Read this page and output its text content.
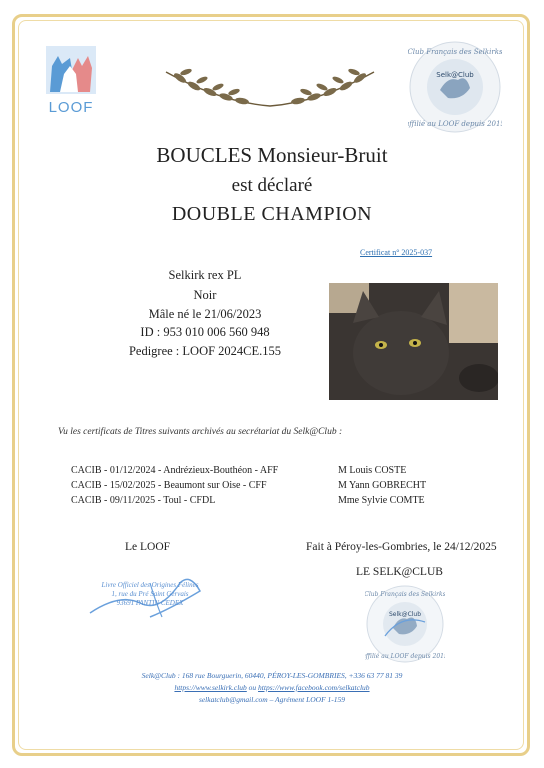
LOOF
Club Français des Selkirks
affilié au LOOF depuis 2015
Selk@Club
BOUCLES Monsieur-Bruit
est déclaré
DOUBLE CHAMPION
Certificat n° 2025-037
Selkirk rex PL
Noir
Mâle né le 21/06/2023
ID : 953 010 006 560 948
Pedigree : LOOF 2024CE.155
Vu les certificats de Titres suivants archivés au secrétariat du Selk@Club :
CACIB - 01/12/2024 - Andrézieux-Bouthéon - AFF
CACIB - 15/02/2025 - Beaumont sur Oise - CFF
CACIB - 09/11/2025 - Toul - CFDL
M Louis COSTE
M Yann GOBRECHT
Mme Sylvie COMTE
Le LOOF	Fait à Péroy-les-Gombries, le 24/12/2025
LE SELK@CLUB
Livre Officiel des Origines Félines
1, rue du Pré Saint Gervais
93691 PANTIN CEDEX
Club Français des Selkirks
affilié au LOOF depuis 2015
Selk@Club
Selk@Club : 168 rue Bourguerin, 60440, PÉROY-LES-GOMBRIES, +336 63 77 81 39
https://www.selkirk.club ou https://www.facebook.com/selkatclub
selkatclub@gmail.com – Agrément LOOF 1-159
